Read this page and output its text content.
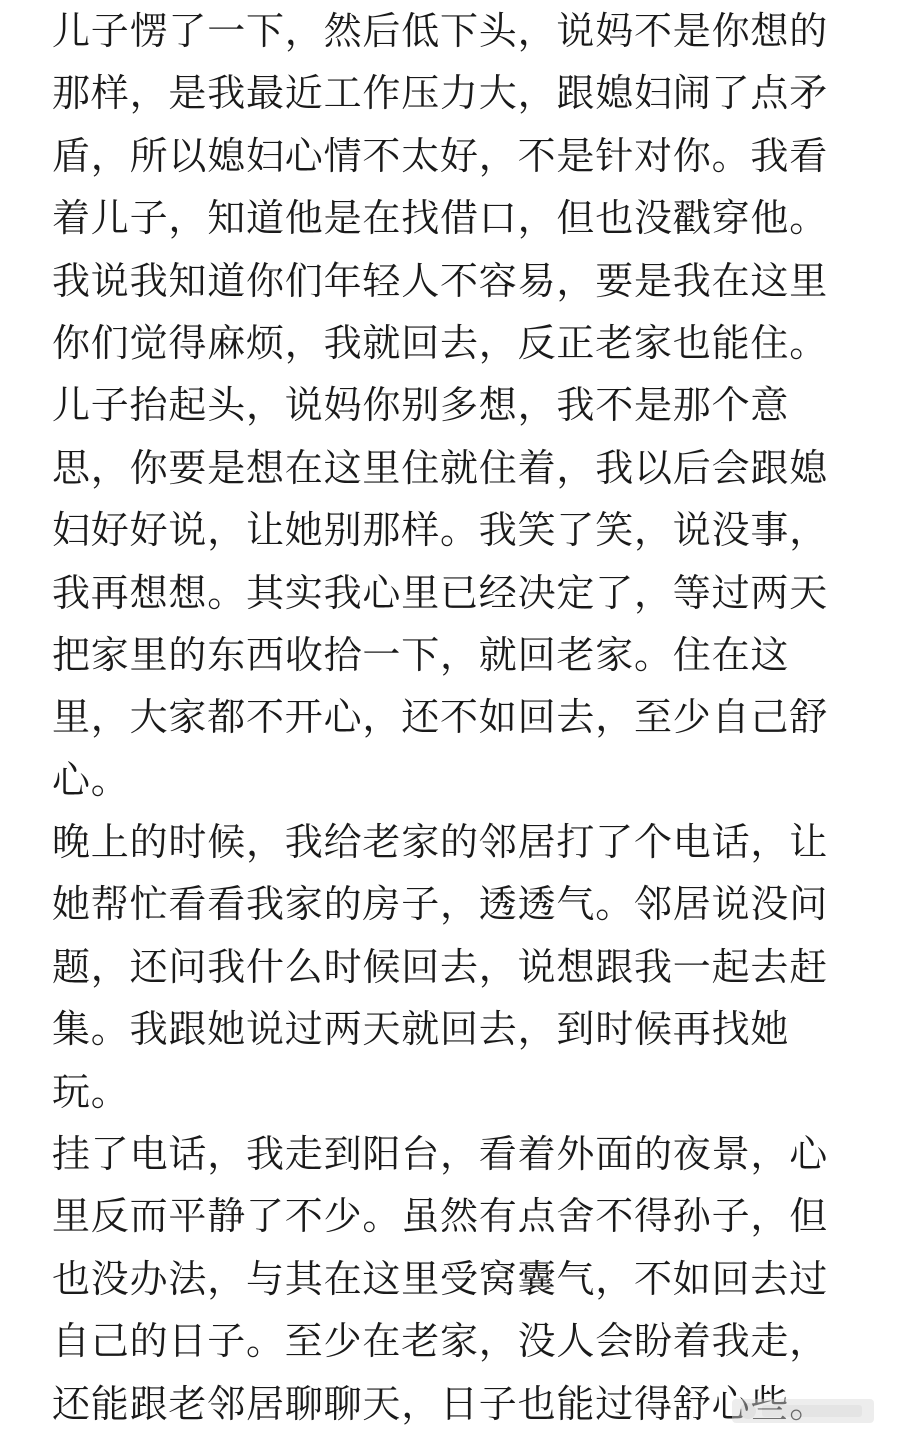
儿子愣了一下，然后低下头，说妈不是你想的
那样，是我最近工作压力大，跟媳妇闹了点矛
盾，所以媳妇心情不太好，不是针对你。我看
着儿子，知道他是在找借口，但也没戳穿他。
我说我知道你们年轻人不容易，要是我在这里
你们觉得麻烦，我就回去，反正老家也能住。
儿子抬起头，说妈你别多想，我不是那个意
思，你要是想在这里住就住着，我以后会跟媳
妇好好说，让她别那样。我笑了笑，说没事，
我再想想。其实我心里已经决定了，等过两天
把家里的东西收拾一下，就回老家。住在这
里，大家都不开心，还不如回去，至少自己舒
心。
晚上的时候，我给老家的邻居打了个电话，让
她帮忙看看我家的房子，透透气。邻居说没问
题，还问我什么时候回去，说想跟我一起去赶
集。我跟她说过两天就回去，到时候再找她
玩。
挂了电话，我走到阳台，看着外面的夜景，心
里反而平静了不少。虽然有点舍不得孙子，但
也没办法，与其在这里受窝囊气，不如回去过
自己的日子。至少在老家，没人会盼着我走，
还能跟老邻居聊聊天，日子也能过得舒心些。
